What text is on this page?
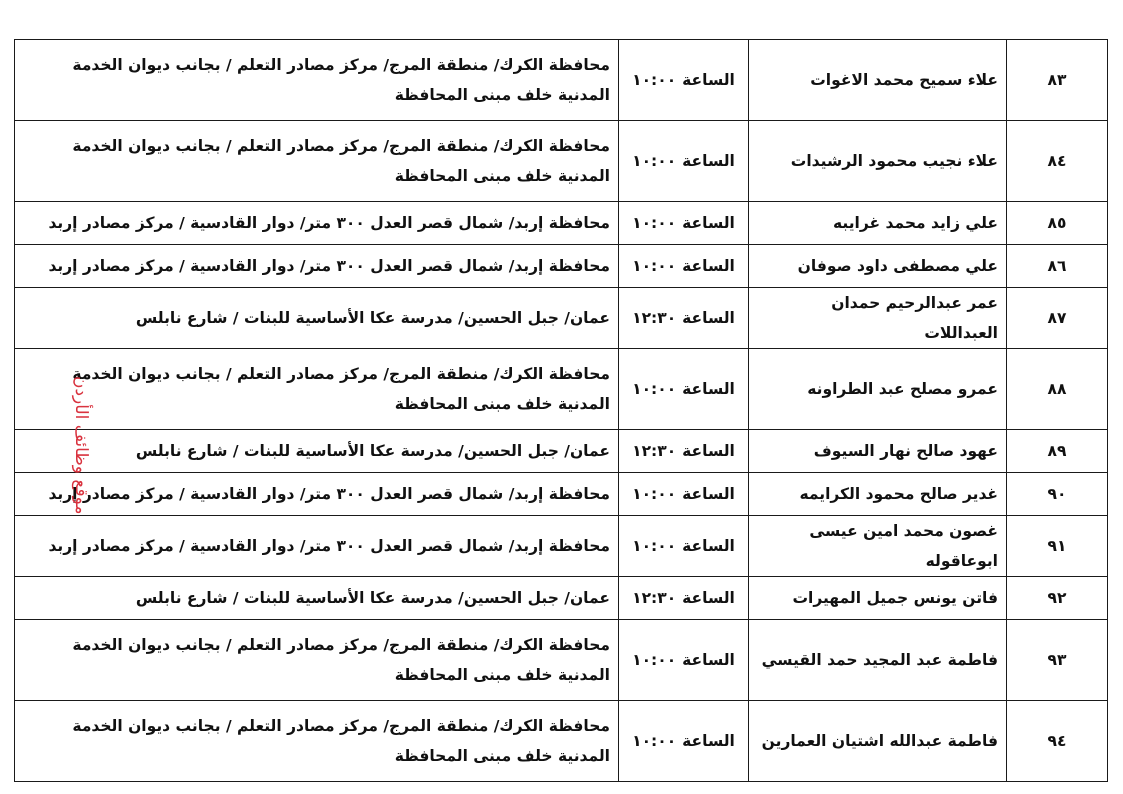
٨٣	علاء سميح محمد الاغوات	الساعة١٠:٠٠	محافظة الكرك/ منطقة المرج/ مركز مصادر التعلم / بجانب ديوان الخدمة المدنية خلف مبنى المحافظة
٨٤	علاء نجيب محمود الرشيدات	الساعة١٠:٠٠	محافظة الكرك/ منطقة المرج/ مركز مصادر التعلم / بجانب ديوان الخدمة المدنية خلف مبنى المحافظة
٨٥	علي زايد محمد غرايبه	الساعة١٠:٠٠	محافظة إربد/ شمال قصر العدل ٣٠٠ متر/ دوار القادسية / مركز مصادر إربد
٨٦	علي مصطفى داود صوفان	الساعة١٠:٠٠	محافظة إربد/ شمال قصر العدل ٣٠٠ متر/ دوار القادسية / مركز مصادر إربد
٨٧	عمر عبدالرحيم حمدان العبداللات	الساعة١٢:٣٠	عمان/ جبل الحسين/ مدرسة عكا الأساسية للبنات / شارع نابلس
٨٨	عمرو مصلح عبد الطراونه	الساعة١٠:٠٠	محافظة الكرك/ منطقة المرج/ مركز مصادر التعلم / بجانب ديوان الخدمة المدنية خلف مبنى المحافظة
٨٩	عهود صالح نهار السيوف	الساعة١٢:٣٠	عمان/ جبل الحسين/ مدرسة عكا الأساسية للبنات / شارع نابلس
٩٠	غدير صالح محمود الكرايمه	الساعة١٠:٠٠	محافظة إربد/ شمال قصر العدل ٣٠٠ متر/ دوار القادسية / مركز مصادر إربد
٩١	غصون محمد امين عيسى ابوعاقوله	الساعة١٠:٠٠	محافظة إربد/ شمال قصر العدل ٣٠٠ متر/ دوار القادسية / مركز مصادر إربد
٩٢	فاتن يونس جميل المهيرات	الساعة١٢:٣٠	عمان/ جبل الحسين/ مدرسة عكا الأساسية للبنات / شارع نابلس
٩٣	فاطمة عبد المجيد حمد القيسي	الساعة١٠:٠٠	محافظة الكرك/ منطقة المرج/ مركز مصادر التعلم / بجانب ديوان الخدمة المدنية خلف مبنى المحافظة
٩٤	فاطمة عبدالله اشتيان العمارين	الساعة١٠:٠٠	محافظة الكرك/ منطقة المرج/ مركز مصادر التعلم / بجانب ديوان الخدمة المدنية خلف مبنى المحافظة
موقع وظائف الأردن
